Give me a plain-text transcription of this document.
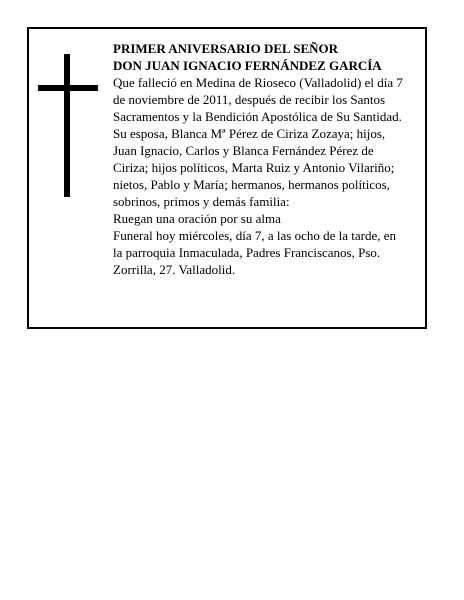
PRIMER ANIVERSARIO DEL SEÑOR
DON JUAN IGNACIO FERNÁNDEZ GARCÍA
Que falleció en Medina de Rioseco (Valladolid) el día 7
de noviembre de 2011, después de recibir los Santos
Sacramentos y la Bendición Apostólica de Su Santidad.
Su esposa, Blanca Mª Pérez de Ciriza Zozaya; hijos,
Juan Ignacio, Carlos y Blanca Fernández Pérez de
Ciriza; hijos políticos, Marta Ruiz y Antonio Vilariño;
nietos, Pablo y María; hermanos, hermanos políticos,
sobrinos, primos y demás familia:
Ruegan una oración por su alma
Funeral hoy miércoles, día 7, a las ocho de la tarde, en
la parroquia Inmaculada, Padres Franciscanos, Pso.
Zorrilla, 27. Valladolid.
